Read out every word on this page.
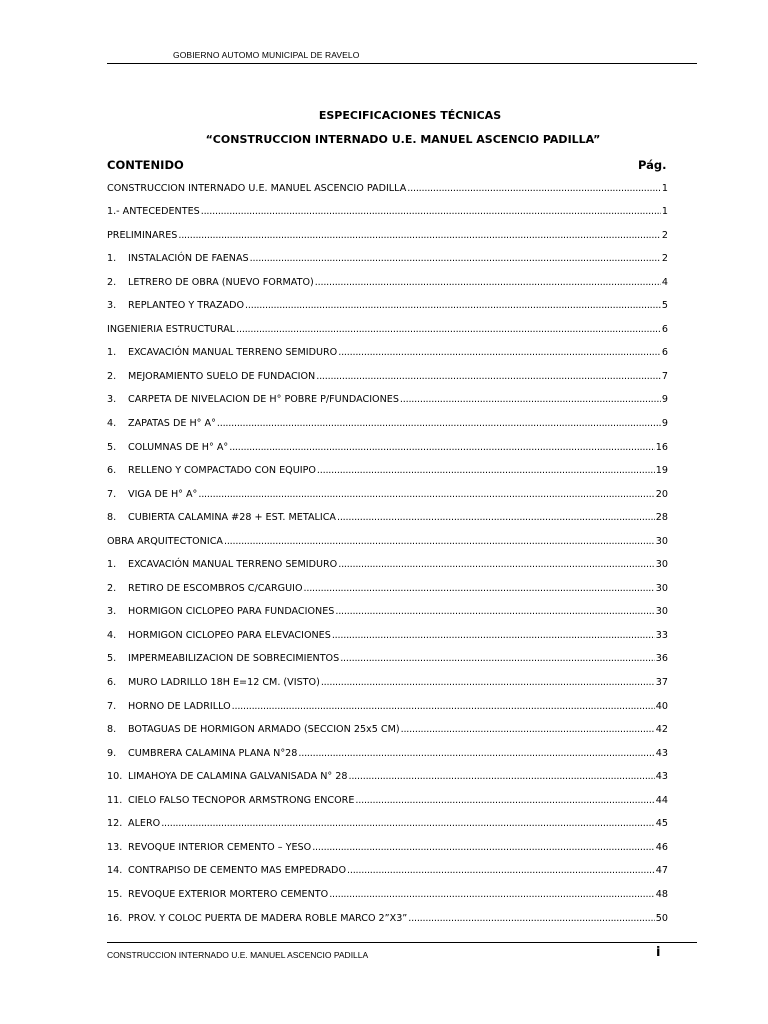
GOBIERNO AUTOMO MUNICIPAL DE RAVELO
ESPECIFICACIONES TÉCNICAS
“CONSTRUCCION INTERNADO U.E. MANUEL ASCENCIO PADILLA”
CONTENIDO	Pág.
CONSTRUCCION INTERNADO U.E. MANUEL ASCENCIO PADILLA .....	1
1.- ANTECEDENTES .....	1
PRELIMINARES .....	2
1.	INSTALACIÓN DE FAENAS .....	2
2.	LETRERO DE OBRA (NUEVO FORMATO) .....	4
3.	REPLANTEO Y TRAZADO .....	5
INGENIERIA ESTRUCTURAL .....	6
1.	EXCAVACIÓN MANUAL TERRENO SEMIDURO .....	6
2.	MEJORAMIENTO SUELO DE FUNDACION .....	7
3.	CARPETA DE NIVELACION DE H° POBRE P/FUNDACIONES .....	9
4.	ZAPATAS DE H° A° .....	9
5.	COLUMNAS DE H° A° .....	16
6.	RELLENO Y COMPACTADO CON EQUIPO .....	19
7.	VIGA DE H° A° .....	20
8.	CUBIERTA CALAMINA #28 + EST. METALICA .....	28
OBRA ARQUITECTONICA .....	30
1.	EXCAVACIÓN MANUAL TERRENO SEMIDURO .....	30
2.	RETIRO DE ESCOMBROS C/CARGUIO .....	30
3.	HORMIGON CICLOPEO PARA FUNDACIONES .....	30
4.	HORMIGON CICLOPEO PARA ELEVACIONES .....	33
5.	IMPERMEABILIZACION DE SOBRECIMIENTOS .....	36
6.	MURO LADRILLO 18H E=12 CM. (VISTO) .....	37
7.	HORNO DE LADRILLO .....	40
8.	BOTAGUAS DE HORMIGON ARMADO (SECCION 25x5 CM) .....	42
9.	CUMBRERA CALAMINA PLANA N°28 .....	43
10. LIMAHOYA DE CALAMINA GALVANISADA N° 28 .....	43
11. CIELO FALSO TECNOPOR ARMSTRONG ENCORE .....	44
12. ALERO .....	45
13. REVOQUE INTERIOR CEMENTO – YESO .....	46
14. CONTRAPISO DE CEMENTO MAS EMPEDRADO .....	47
15. REVOQUE EXTERIOR MORTERO CEMENTO .....	48
16. PROV. Y COLOC PUERTA DE MADERA ROBLE MARCO 2”X3” .....	50
CONSTRUCCION INTERNADO U.E. MANUEL ASCENCIO PADILLA	i
